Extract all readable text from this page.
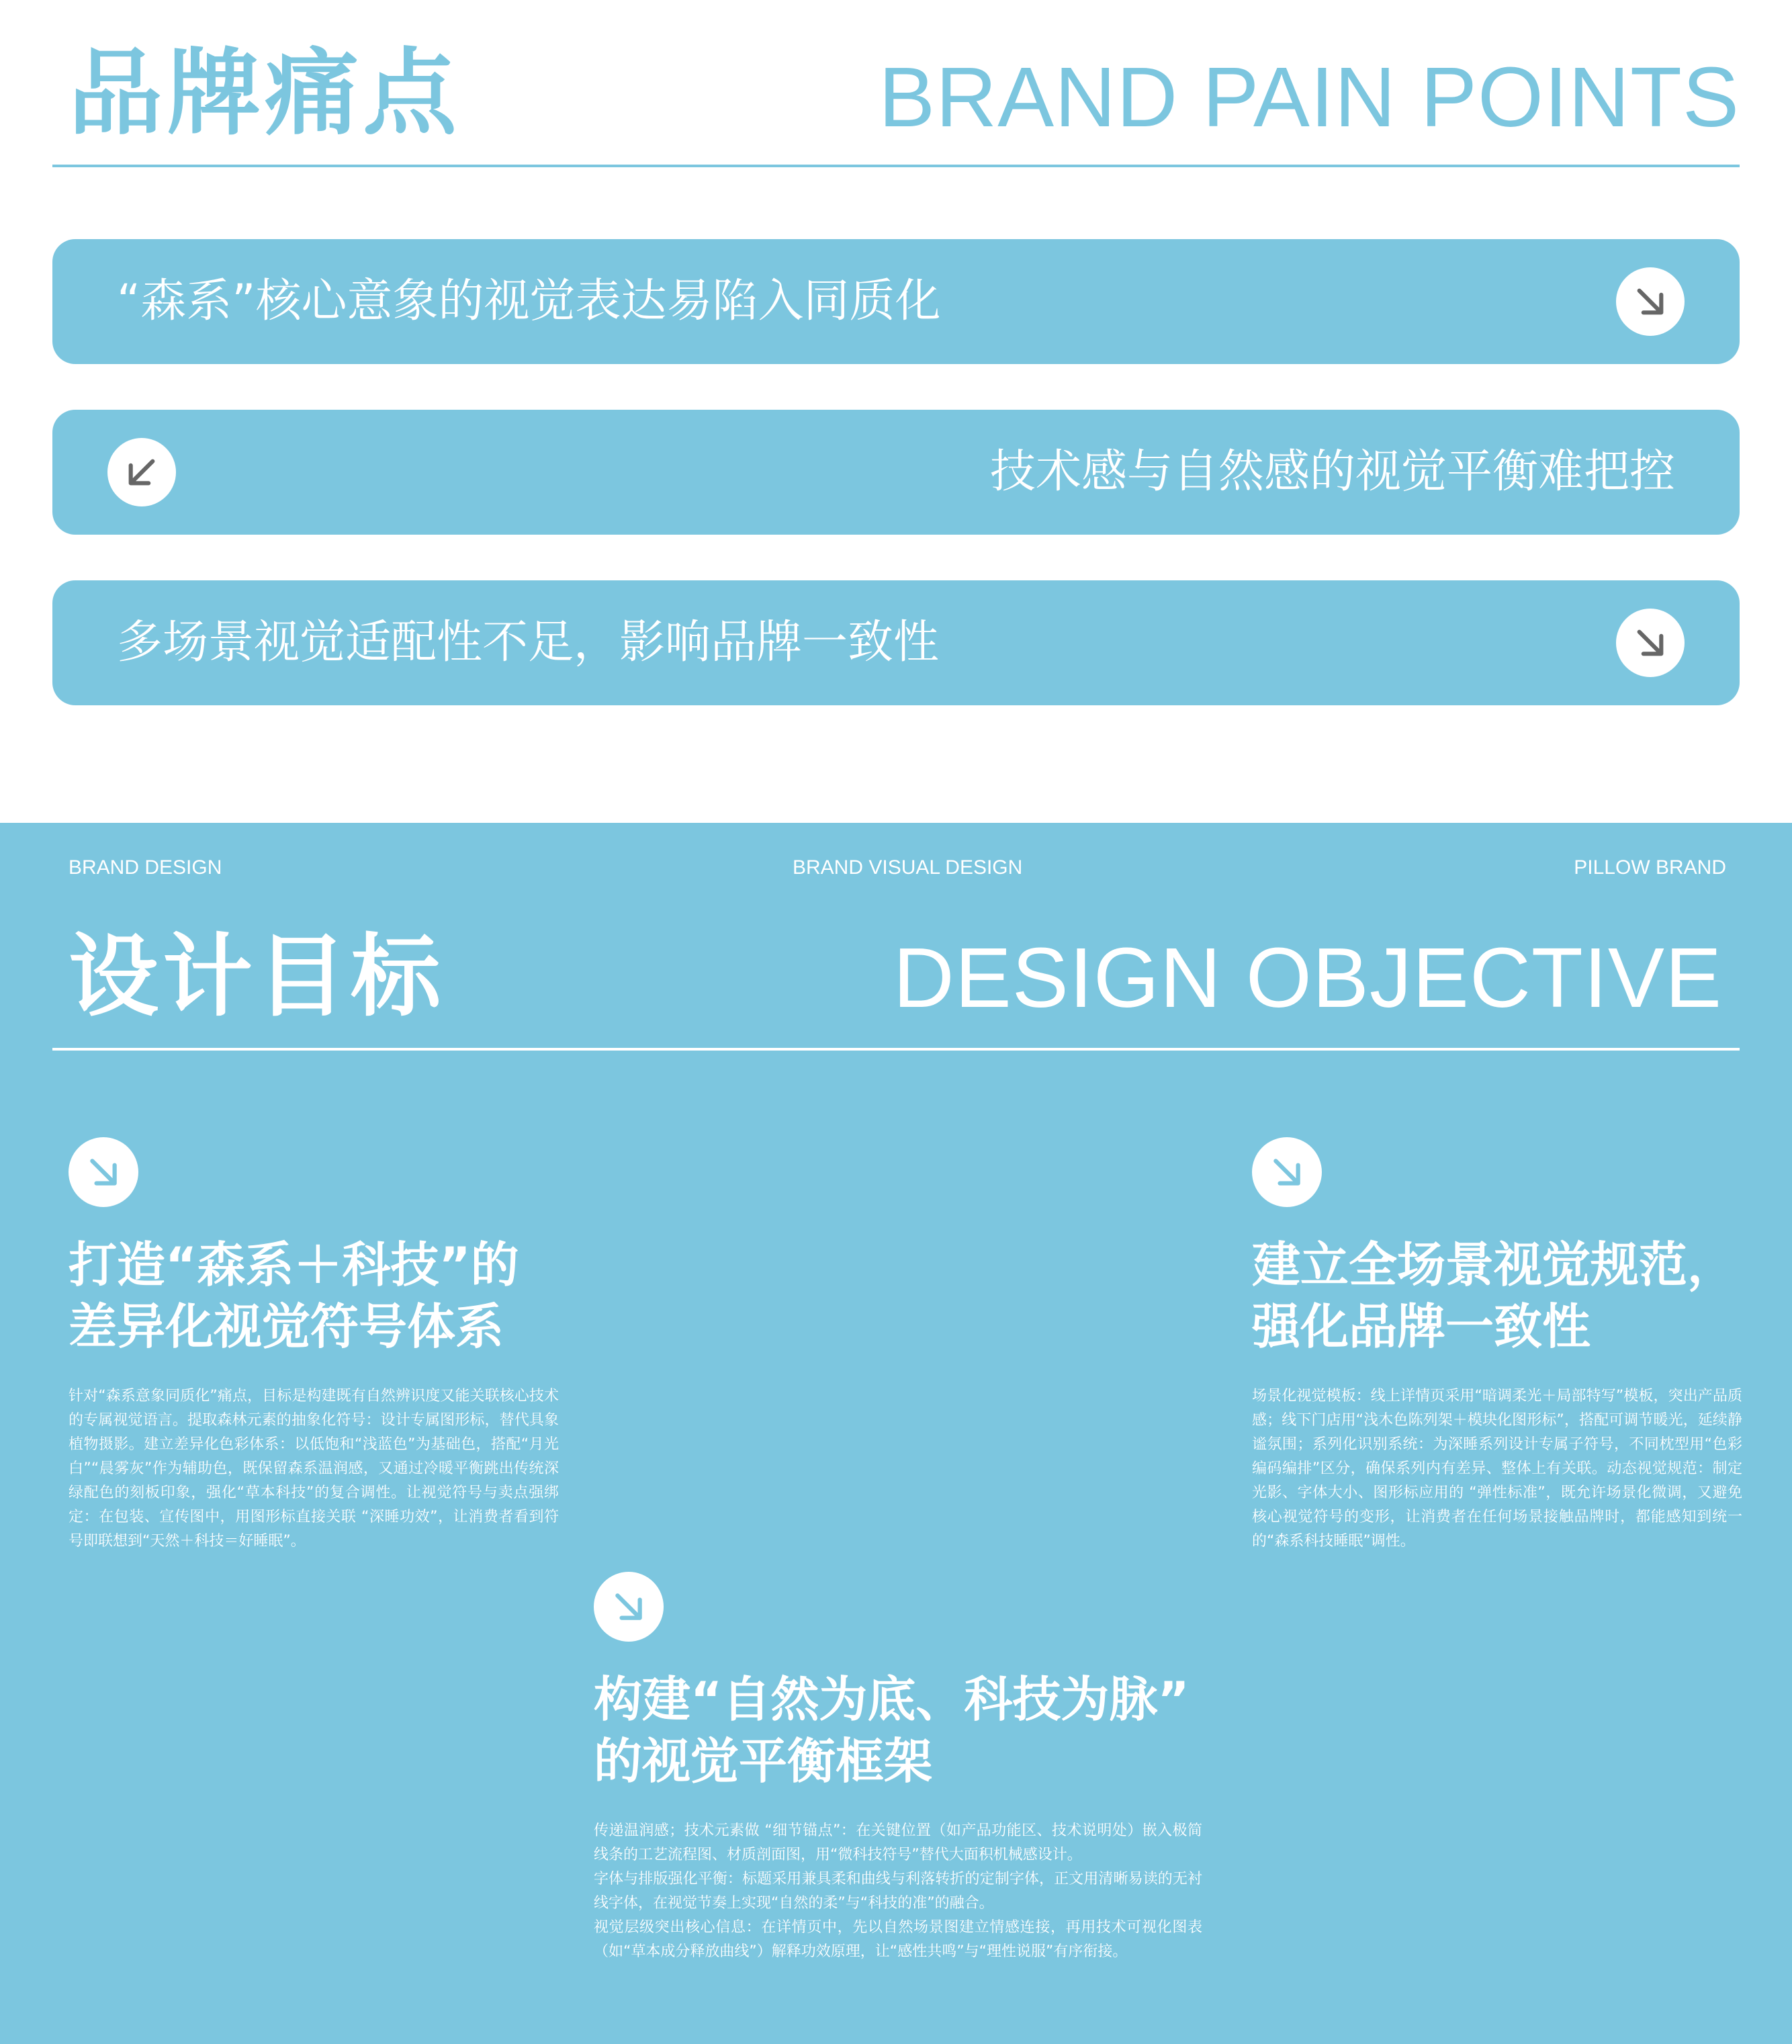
品牌痛点	BRAND PAIN POINTS
“森系”核心意象的视觉表达易陷入同质化
技术感与自然感的视觉平衡难把控
多场景视觉适配性不足，影响品牌一致性
BRAND DESIGN	BRAND VISUAL DESIGN	PILLOW BRAND
设计目标	DESIGN OBJECTIVE
打造“森系＋科技”的
差异化视觉符号体系

针对“森系意象同质化”痛点，目标是构建既有自然辨识度又能关联核心技术的专属视觉语言。提取森林元素的抽象化符号：设计专属图形标，替代具象植物摄影。建立差异化色彩体系：以低饱和“浅蓝色”为基础色，搭配“月光白”“晨雾灰”作为辅助色，既保留森系温润感，又通过冷暖平衡跳出传统深绿配色的刻板印象，强化“草本科技”的复合调性。让视觉符号与卖点强绑定：在包装、宣传图中，用图形标直接关联 “深睡功效”，让消费者看到符号即联想到“天然＋科技＝好睡眠”。

构建“自然为底、科技为脉”
的视觉平衡框架

传递温润感；技术元素做 “细节锚点”：在关键位置（如产品功能区、技术说明处）嵌入极简线条的工艺流程图、材质剖面图，用“微科技符号”替代大面积机械感设计。
字体与排版强化平衡：标题采用兼具柔和曲线与利落转折的定制字体，正文用清晰易读的无衬线字体，在视觉节奏上实现“自然的柔”与“科技的准”的融合。
视觉层级突出核心信息：在详情页中，先以自然场景图建立情感连接，再用技术可视化图表（如“草本成分释放曲线”）解释功效原理，让“感性共鸣”与“理性说服”有序衔接。

建立全场景视觉规范，
强化品牌一致性

场景化视觉模板：线上详情页采用“暗调柔光＋局部特写”模板，突出产品质感；线下门店用“浅木色陈列架＋模块化图形标”，搭配可调节暖光，延续静谧氛围；系列化识别系统：为深睡系列设计专属子符号，不同枕型用“色彩编码编排”区分，确保系列内有差异、整体上有关联。动态视觉规范：制定光影、字体大小、图形标应用的 “弹性标准”，既允许场景化微调，又避免核心视觉符号的变形，让消费者在任何场景接触品牌时，都能感知到统一的“森系科技睡眠”调性。
